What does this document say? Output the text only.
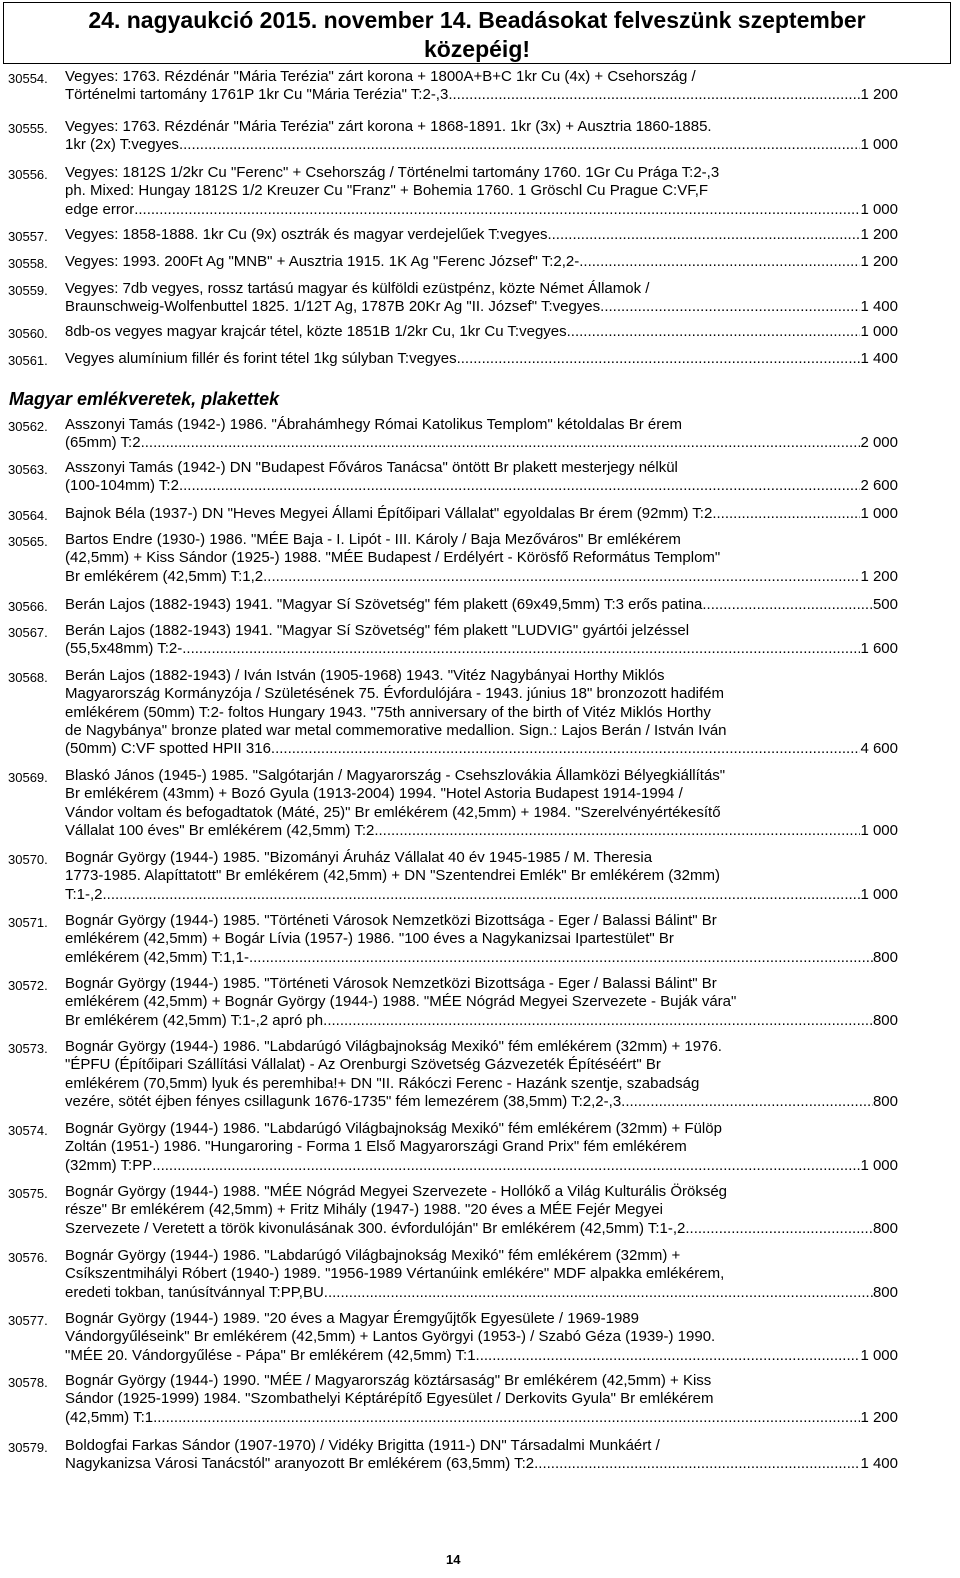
24. nagyaukció 2015. november 14. Beadásokat felveszünk szeptember
közepéig!
30554. Vegyes: 1763. Rézdénár "Mária Terézia" zárt korona + 1800A+B+C 1kr Cu (4x) + Csehország /
Történelmi tartomány 1761P 1kr Cu "Mária Terézia" T:2-,3 .....	1 200
30555. Vegyes: 1763. Rézdénár "Mária Terézia" zárt korona + 1868-1891. 1kr (3x) + Ausztria 1860-1885.
1kr (2x) T:vegyes .....	1 000
30556. Vegyes: 1812S 1/2kr Cu "Ferenc" + Csehország / Történelmi tartomány 1760. 1Gr Cu Prága T:2-,3
ph. Mixed: Hungay 1812S 1/2 Kreuzer Cu "Franz" + Bohemia 1760. 1 Gröschl Cu Prague C:VF,F
edge error .....	1 000
30557. Vegyes: 1858-1888. 1kr Cu (9x) osztrák és magyar verdejelűek T:vegyes .....	1 200
30558. Vegyes: 1993. 200Ft Ag "MNB" + Ausztria 1915. 1K Ag "Ferenc József" T:2,2- .....	1 200
30559. Vegyes: 7db vegyes, rossz tartású magyar és külföldi ezüstpénz, közte Német Államok /
Braunschweig-Wolfenbuttel 1825. 1/12T Ag, 1787B 20Kr Ag "II. József" T:vegyes .....	1 400
30560. 8db-os vegyes magyar krajcár tétel, közte 1851B 1/2kr Cu, 1kr Cu T:vegyes .....	1 000
30561. Vegyes alumínium fillér és forint tétel 1kg súlyban T:vegyes .....	1 400
Magyar emlékveretek, plakettek
30562. Asszonyi Tamás (1942-) 1986. "Ábrahámhegy Római Katolikus Templom" kétoldalas Br érem
(65mm) T:2 .....	2 000
30563. Asszonyi Tamás (1942-) DN "Budapest Főváros Tanácsa" öntött Br plakett mesterjegy nélkül
(100-104mm) T:2 .....	2 600
30564. Bajnok Béla (1937-) DN "Heves Megyei Állami Építőipari Vállalat" egyoldalas Br érem (92mm) T:2 .....	1 000
30565. Bartos Endre (1930-) 1986. "MÉE Baja - I. Lipót - III. Károly / Baja Mezőváros" Br emlékérem
(42,5mm) + Kiss Sándor (1925-) 1988. "MÉE Budapest / Erdélyért - Körösfő Református Templom"
Br emlékérem (42,5mm) T:1,2 .....	1 200
30566. Berán Lajos (1882-1943) 1941. "Magyar Sí Szövetség" fém plakett (69x49,5mm) T:3 erős patina .....	500
30567. Berán Lajos (1882-1943) 1941. "Magyar Sí Szövetség" fém plakett "LUDVIG" gyártói jelzéssel
(55,5x48mm) T:2- .....	1 600
30568. Berán Lajos (1882-1943) / Iván István (1905-1968) 1943. "Vitéz Nagybányai Horthy Miklós
Magyarország Kormányzója / Születésének 75. Évfordulójára - 1943. június 18" bronzozott hadifém
emlékérem (50mm) T:2- foltos Hungary 1943. "75th anniversary of the birth of Vitéz Miklós Horthy
de Nagybánya" bronze plated war metal commemorative medallion. Sign.: Lajos Berán / István Iván
(50mm) C:VF spotted HPII 316. .....	4 600
30569. Blaskó János (1945-) 1985. "Salgótarján / Magyarország - Csehszlovákia Államközi Bélyegkiállítás"
Br emlékérem (43mm) + Bozó Gyula (1913-2004) 1994. "Hotel Astoria Budapest 1914-1994 /
Vándor voltam és befogadtatok (Máté, 25)" Br emlékérem (42,5mm) + 1984. "Szerelvényértékesítő
Vállalat 100 éves" Br emlékérem (42,5mm) T:2 .....	1 000
30570. Bognár György (1944-) 1985. "Bizományi Áruház Vállalat 40 év 1945-1985 / M. Theresia
1773-1985. Alapíttatott" Br emlékérem (42,5mm) + DN "Szentendrei Emlék" Br emlékérem (32mm)
T:1-,2 .....	1 000
30571. Bognár György (1944-) 1985. "Történeti Városok Nemzetközi Bizottsága - Eger / Balassi Bálint" Br
emlékérem (42,5mm) + Bogár Lívia (1957-) 1986. "100 éves a Nagykanizsai Ipartestület" Br
emlékérem (42,5mm) T:1,1- .....	800
30572. Bognár György (1944-) 1985. "Történeti Városok Nemzetközi Bizottsága - Eger / Balassi Bálint" Br
emlékérem (42,5mm) + Bognár György (1944-) 1988. "MÉE Nógrád Megyei Szervezete - Buják vára"
Br emlékérem (42,5mm) T:1-,2 apró ph. .....	800
30573. Bognár György (1944-) 1986. "Labdarúgó Világbajnokság Mexikó" fém emlékérem (32mm) + 1976.
"ÉPFU (Építőipari Szállítási Vállalat) - Az Orenburgi Szövetség Gázvezeték Építéséért" Br
emlékérem (70,5mm) lyuk és peremhiba!+ DN "II. Rákóczi Ferenc - Hazánk szentje, szabadság
vezére, sötét éjben fényes csillagunk 1676-1735" fém lemezérem (38,5mm) T:2,2-,3 .....	800
30574. Bognár György (1944-) 1986. "Labdarúgó Világbajnokság Mexikó" fém emlékérem (32mm) + Fülöp
Zoltán (1951-) 1986. "Hungaroring - Forma 1 Első Magyarországi Grand Prix" fém emlékérem
(32mm) T:PP .....	1 000
30575. Bognár György (1944-) 1988. "MÉE Nógrád Megyei Szervezete - Hollókő a Világ Kulturális Örökség
része" Br emlékérem (42,5mm) + Fritz Mihály (1947-) 1988. "20 éves a MÉE Fejér Megyei
Szervezete / Veretett a török kivonulásának 300. évfordulóján" Br emlékérem (42,5mm) T:1-,2 .....	800
30576. Bognár György (1944-) 1986. "Labdarúgó Világbajnokság Mexikó" fém emlékérem (32mm) +
Csíkszentmihályi Róbert (1940-) 1989. "1956-1989 Vértanúink emlékére" MDF alpakka emlékérem,
eredeti tokban, tanúsítvánnyal T:PP,BU .....	800
30577. Bognár György (1944-) 1989. "20 éves a Magyar Éremgyűjtők Egyesülete / 1969-1989
Vándorgyűléseink" Br emlékérem (42,5mm) + Lantos Györgyi (1953-) / Szabó Géza (1939-) 1990.
"MÉE 20. Vándorgyűlése - Pápa" Br emlékérem (42,5mm) T:1 .....	1 000
30578. Bognár György (1944-) 1990. "MÉE / Magyarország köztársaság" Br emlékérem (42,5mm) + Kiss
Sándor (1925-1999) 1984. "Szombathelyi Képtárépítő Egyesület / Derkovits Gyula" Br emlékérem
(42,5mm) T:1 .....	1 200
30579. Boldogfai Farkas Sándor (1907-1970) / Vidéky Brigitta (1911-) DN" Társadalmi Munkáért /
Nagykanizsa Városi Tanácstól" aranyozott Br emlékérem (63,5mm) T:2 .....	1 400
14
